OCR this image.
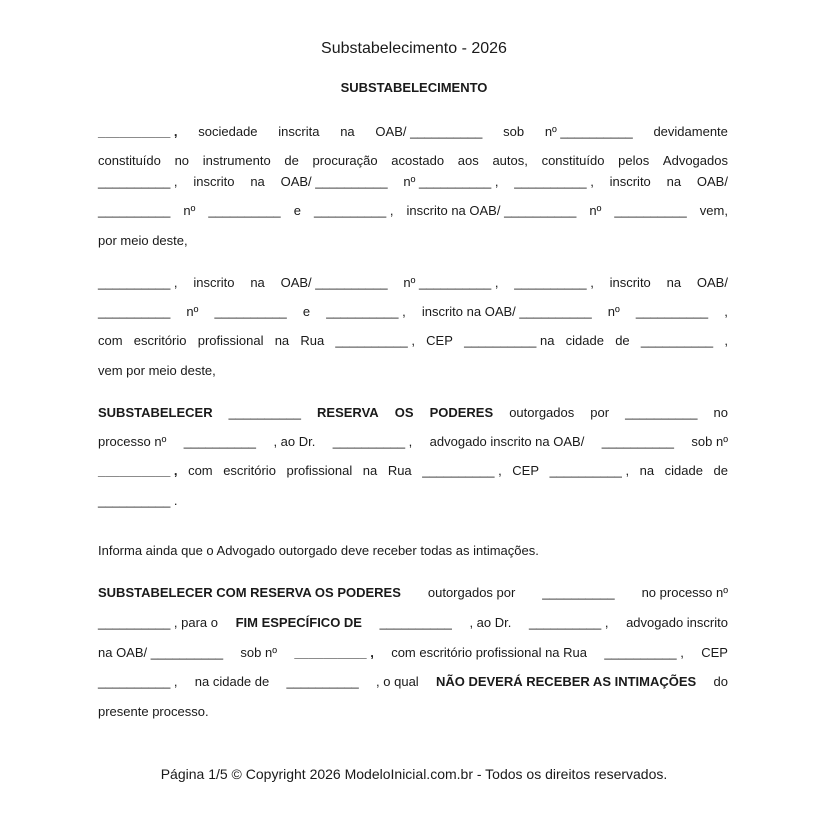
Substabelecimento - 2026
SUBSTABELECIMENTO
__________ , sociedade inscrita na OAB/ __________ sob nº __________ devidamente
constituído no instrumento de procuração acostado aos autos, constituído pelos Advogados
__________ , inscrito na OAB/ __________ nº __________ , __________ , inscrito na OAB/
__________ nº __________ e __________ , inscrito na OAB/ __________ nº __________ vem,
por meio deste,
__________ , inscrito na OAB/ __________ nº __________ , __________ , inscrito na OAB/
__________ nº __________ e __________ , inscrito na OAB/ __________ nº __________ ,
com escritório profissional na Rua __________ , CEP __________ na cidade de __________ ,
vem por meio deste,
SUBSTABELECER __________ RESERVA OS PODERES outorgados por __________ no
processo nº __________ , ao Dr. __________ , advogado inscrito na OAB/ __________ sob nº
__________ , com escritório profissional na Rua __________ , CEP __________ , na cidade de
__________ .
Informa ainda que o Advogado outorgado deve receber todas as intimações.
SUBSTABELECER COM RESERVA OS PODERES outorgados por __________ no processo nº
__________ , para o FIM ESPECÍFICO DE __________ , ao Dr. __________ , advogado inscrito
na OAB/ __________ sob nº __________ , com escritório profissional na Rua __________ , CEP
__________ , na cidade de __________ , o qual NÃO DEVERÁ RECEBER AS INTIMAÇÕES do
presente processo.
Página 1/5 © Copyright 2026 ModeloInicial.com.br - Todos os direitos reservados.
